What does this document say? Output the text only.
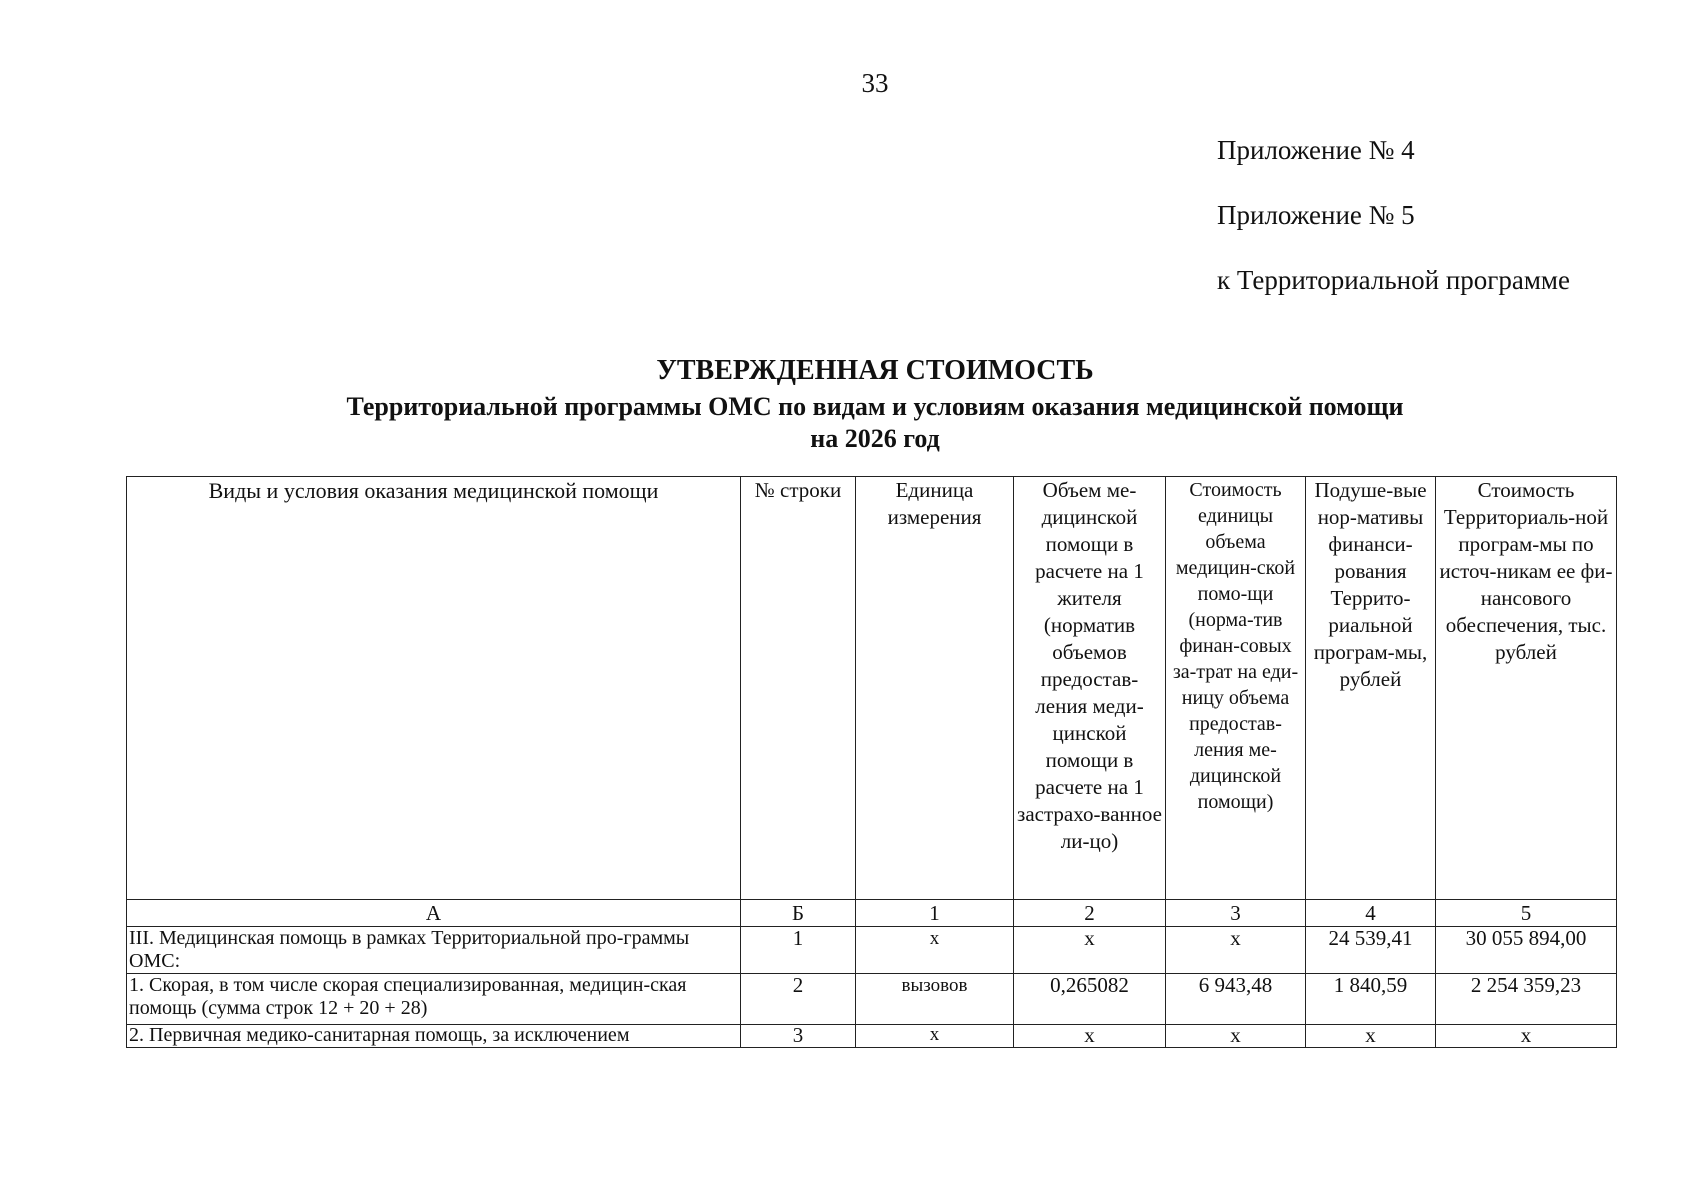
33
Приложение № 4
Приложение № 5
к Территориальной программе
УТВЕРЖДЕННАЯ СТОИМОСТЬ
Территориальной программы ОМС по видам и условиям оказания медицинской помощи
на 2026 год
Виды и условия оказания медицинской помощи	№ строки	Единица измерения	Объем ме-дицинской помощи в расчете на 1 жителя (норматив объемов предостав-ления меди-цинской помощи в расчете на 1 застрахо-ванное ли-цо)	Стоимость единицы объема медицин-ской помо-щи (норма-тив финан-совых за-трат на еди-ницу объема предостав-ления ме-дицинской помощи)	Подуше-вые нор-мативы финанси-рования Террито-риальной програм-мы, рублей	Стоимость Территориаль-ной програм-мы по источ-никам ее фи-нансового обеспечения, тыс. рублей
А	Б	1	2	3	4	5
III. Медицинская помощь в рамках Территориальной про-граммы ОМС:	1	х	х	х	24 539,41	30 055 894,00
1. Скорая, в том числе скорая специализированная, медицин-ская помощь (сумма строк 12 + 20 + 28)	2	вызовов	0,265082	6 943,48	1 840,59	2 254 359,23
2. Первичная медико-санитарная помощь, за исключением	3	х	х	х	х	х
